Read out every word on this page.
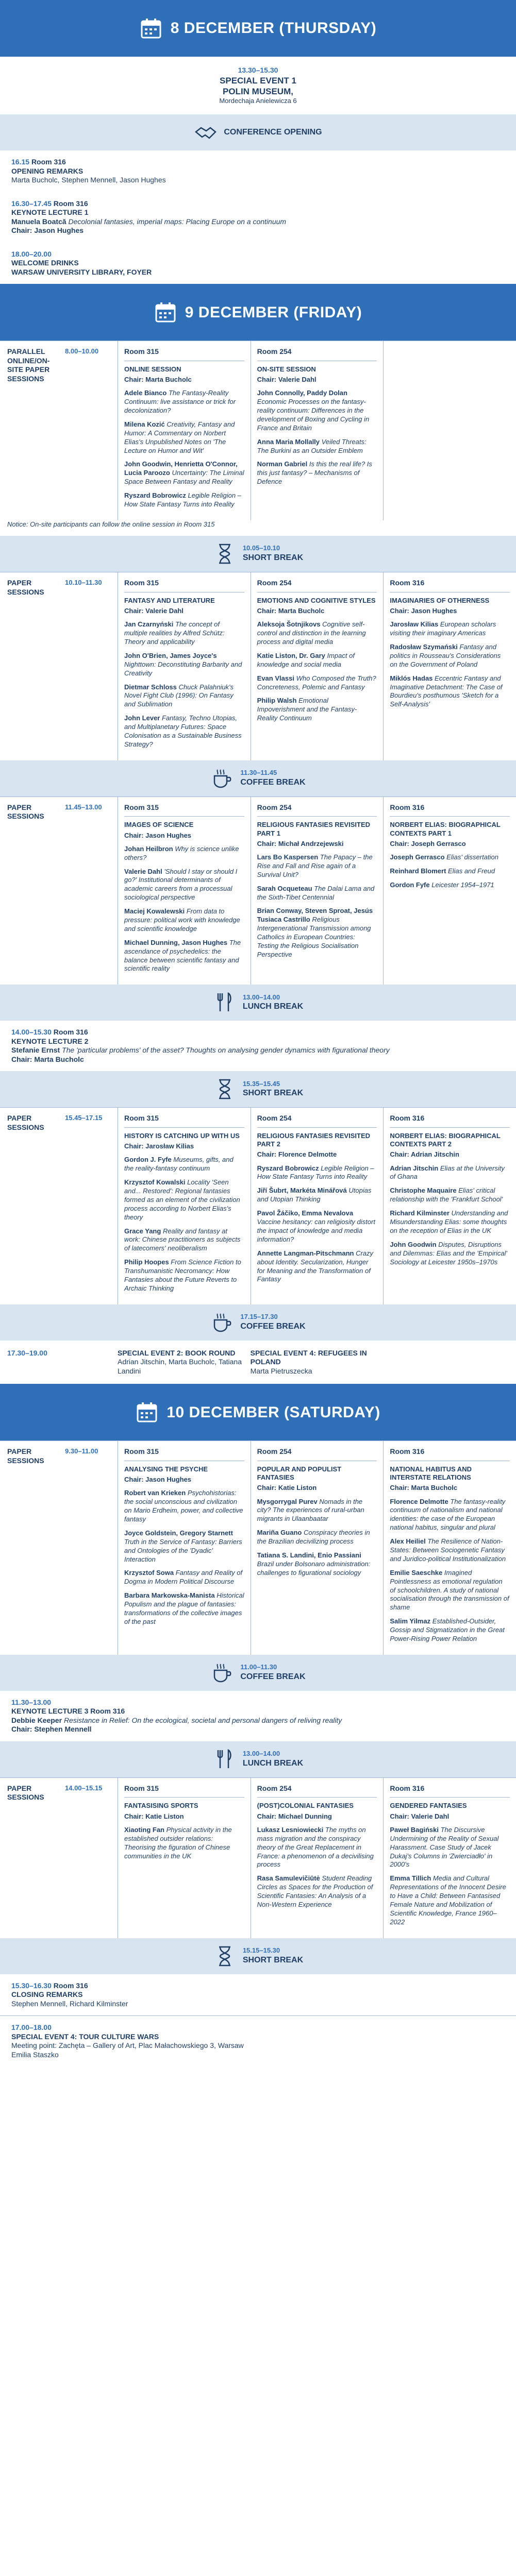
8 DECEMBER (THURSDAY)
13.30–15.30
SPECIAL EVENT 1
POLIN MUSEUM,
Mordechaja Anielewicza 6
CONFERENCE OPENING
16.15 Room 316
OPENING REMARKS
Marta Bucholc, Stephen Mennell, Jason Hughes
16.30–17.45 Room 316
KEYNOTE LECTURE 1
Manuela Boatcă Decolonial fantasies, imperial maps: Placing Europe on a continuum
Chair: Jason Hughes
18.00–20.00
WELCOME DRINKS
WARSAW UNIVERSITY LIBRARY, FOYER
9 DECEMBER (FRIDAY)
PARALLEL ONLINE/ON-SITE PAPER SESSIONS
8.00–10.00	Room 315
ONLINE SESSION
Chair: Marta Bucholc

Adele Bianco The Fantasy-Reality Continuum: live assistance or trick for decolonization?

Milena Kozić Creativity, Fantasy and Humor: A Commentary on Norbert Elias's Unpublished Notes on 'The Lecture on Humor and Wit'

John Goodwin, Henrietta O'Connor, Lucia Paroozo Uncertainty: The Liminal Space Between Fantasy and Reality

Ryszard Bobrowicz Legible Religion – How State Fantasy Turns into Reality

Room 254
ON-SITE SESSION
Chair: Valerie Dahl

John Connolly, Paddy Dolan Economic Processes on the fantasy-reality continuum: Differences in the development of Boxing and Cycling in France and Britain

Anna Maria Mollally Veiled Threats: The Burkini as an Outsider Emblem

Norman Gabriel Is this the real life? Is this just fantasy? – Mechanisms of Defence

Notice: On-site participants can follow the online session in Room 315
10.05–10.10
SHORT BREAK
PAPER SESSIONS
10.10–11.30	Room 315
FANTASY AND LITERATURE
Chair: Valerie Dahl

Jan Czarnyński The concept of multiple realities by Alfred Schütz: Theory and applicability

John O'Brien, James Joyce's Nighttown: Deconstituting Barbarity and Creativity

Dietmar Schloss Chuck Palahniuk's Novel Fight Club (1996): On Fantasy and Sublimation

John Lever Fantasy, Techno Utopias, and Multiplanetary Futures: Space Colonisation as a Sustainable Business Strategy?

Room 254
EMOTIONS AND COGNITIVE STYLES
Chair: Marta Bucholc

Aleksoja Šotnjikovs Cognitive self-control and distinction in the learning process and digital media

Katie Liston, Dr. Gary Impact of knowledge and social media

Evan Vlassi Who Composed the Truth? Concreteness, Polemic and Fantasy

Philip Walsh Emotional Impoverishment and the Fantasy-Reality Continuum

Room 316
IMAGINARIES OF OTHERNESS
Chair: Jason Hughes

Jarosław Kilias European scholars visiting their imaginary Americas

Radosław Szymański Fantasy and politics in Rousseau's Considerations on the Government of Poland

Miklós Hadas Eccentric Fantasy and Imaginative Detachment: The Case of Bourdieu's posthumous 'Sketch for a Self-Analysis'

11.30–11.45
COFFEE BREAK
PAPER SESSIONS
11.45–13.00	Room 315
IMAGES OF SCIENCE
Chair: Jason Hughes

Johan Heilbron Why is science unlike others?

Valerie Dahl 'Should I stay or should I go?' Institutional determinants of academic careers from a processual sociological perspective

Maciej Kowalewski From data to pressure: political work with knowledge and scientific knowledge

Michael Dunning, Jason Hughes The ascendance of psychedelics: the balance between scientific fantasy and scientific reality

Room 254
RELIGIOUS FANTASIES REVISITED PART 1
Chair: Michał Andrzejewski

Lars Bo Kaspersen The Papacy – the Rise and Fall and Rise again of a Survival Unit?

Sarah Ocqueteau The Dalai Lama and the Sixth-Tibet Centennial

Brian Conway, Steven Sproat, Jesús Tusiaca Castrillo Religious Intergenerational Transmission among Catholics in European Countries: Testing the Religious Socialisation Perspective

Room 316
NORBERT ELIAS: BIOGRAPHICAL CONTEXTS PART 1
Chair: Joseph Gerrasco

Joseph Gerrasco Elias' dissertation

Reinhard Blomert Elias and Freud

Gordon Fyfe Leicester 1954–1971

13.00–14.00
LUNCH BREAK
14.00–15.30 Room 316
KEYNOTE LECTURE 2
Stefanie Ernst The 'particular problems' of the asset? Thoughts on analysing gender dynamics with figurational theory
Chair: Marta Bucholc
15.35–15.45
SHORT BREAK
PAPER SESSIONS
15.45–17.15	Room 315
HISTORY IS CATCHING UP WITH US
Chair: Jarosław Kilias

Gordon J. Fyfe Museums, gifts, and the reality-fantasy continuum

Krzysztof Kowalski Locality 'Seen and... Restored': Regional fantasies formed as an element of the civilization process according to Norbert Elias's theory

Grace Yang Reality and fantasy at work: Chinese practitioners as subjects of latecomers' neoliberalism

Philip Hoopes From Science Fiction to Transhumanistic Necromancy: How Fantasies about the Future Reverts to Archaic Thinking

Room 254
RELIGIOUS FANTASIES REVISITED PART 2
Chair: Florence Delmotte

Ryszard Bobrowicz Legible Religion – How State Fantasy Turns into Reality

Jiří Šubrt, Markéta Minářová Utopias and Utopian Thinking

Pavol Žáčiko, Emma Nevalova Vaccine hesitancy: can religiosity distort the impact of knowledge and media information?

Annette Langman-Pitschmann Crazy about Identity. Secularization, Hunger for Meaning and the Transformation of Fantasy

Room 316
NORBERT ELIAS: BIOGRAPHICAL CONTEXTS PART 2
Chair: Adrian Jitschin

Adrian Jitschin Elias at the University of Ghana

Christophe Maquaire Elias' critical relationship with the 'Frankfurt School'

Richard Kilminster Understanding and Misunderstanding Elias: some thoughts on the reception of Elias in the UK

John Goodwin Disputes, Disruptions and Dilemmas: Elias and the 'Empirical' Sociology at Leicester 1950s–1970s

17.15–17.30
COFFEE BREAK
17.30–19.00	SPECIAL EVENT 2: BOOK ROUND
Adrian Jitschin, Marta Bucholc, Tatiana Landini
SPECIAL EVENT 4: REFUGEES IN POLAND
Marta Pietruszecka
10 DECEMBER (SATURDAY)
PAPER SESSIONS
9.30–11.00	Room 315
ANALYSING THE PSYCHE
Chair: Jason Hughes

Robert van Krieken Psychohistorias: the social unconscious and civilization on Mario Erdheim, power, and collective fantasy

Joyce Goldstein, Gregory Starnett Truth in the Service of Fantasy: Barriers and Ontologies of the 'Dyadic' Interaction

Krzysztof Sowa Fantasy and Reality of Dogma in Modern Political Discourse

Barbara Markowska-Manista Historical Populism and the plague of fantasies: transformations of the collective images of the past

Room 254
POPULAR AND POPULIST FANTASIES
Chair: Katie Liston

Mysgorrygal Purev Nomads in the city? The experiences of rural-urban migrants in Ulaanbaatar

Mariña Guano Conspiracy theories in the Brazilian decivilizing process

Tatiana S. Landini, Enio Passiani Brazil under Bolsonaro administration: challenges to figurational sociology

Room 316
NATIONAL HABITUS AND INTERSTATE RELATIONS
Chair: Marta Bucholc

Florence Delmotte The fantasy-reality continuum of nationalism and national identities: the case of the European national habitus, singular and plural

Alex Heiliel The Resilience of Nation-States: Between Sociogenetic Fantasy and Juridico-political Institutionalization

Emilie Saeschke Imagined Pointlessness as emotional regulation of schoolchildren. A study of national socialisation through the transmission of shame

Salim Yilmaz Established-Outsider, Gossip and Stigmatization in the Great Power-Rising Power Relation

11.00–11.30
COFFEE BREAK
11.30–13.00
KEYNOTE LECTURE 3 Room 316
Debbie Keeper Resistance in Relief: On the ecological, societal and personal dangers of reliving reality
Chair: Stephen Mennell
13.00–14.00
LUNCH BREAK
PAPER SESSIONS
14.00–15.15	Room 315
FANTASISING SPORTS
Chair: Katie Liston

Xiaoting Fan Physical activity in the established outsider relations: Theorising the figuration of Chinese communities in the UK

Room 254
(POST)COLONIAL FANTASIES
Chair: Michael Dunning

Lukasz Lesniowiecki The myths on mass migration and the conspiracy theory of the Great Replacement in France: a phenomenon of a decivilising process

Rasa Samulevičiūtė Student Reading Circles as Spaces for the Production of Scientific Fantasies: An Analysis of a Non-Western Experience

Room 316
GENDERED FANTASIES
Chair: Valerie Dahl

Paweł Bagiński The Discursive Undermining of the Reality of Sexual Harassment. Case Study of Jacek Dukaj's Columns in 'Zwierciadło' in 2000's

Emma Tillich Media and Cultural Representations of the Innocent Desire to Have a Child: Between Fantasised Female Nature and Mobilization of Scientific Knowledge, France 1960–2022

15.15–15.30
SHORT BREAK
15.30–16.30 Room 316
CLOSING REMARKS
Stephen Mennell, Richard Kilminster
17.00–18.00
SPECIAL EVENT 4: TOUR CULTURE WARS
Meeting point: Zachęta – Gallery of Art, Plac Małachowskiego 3, Warsaw
Emilia Staszko
